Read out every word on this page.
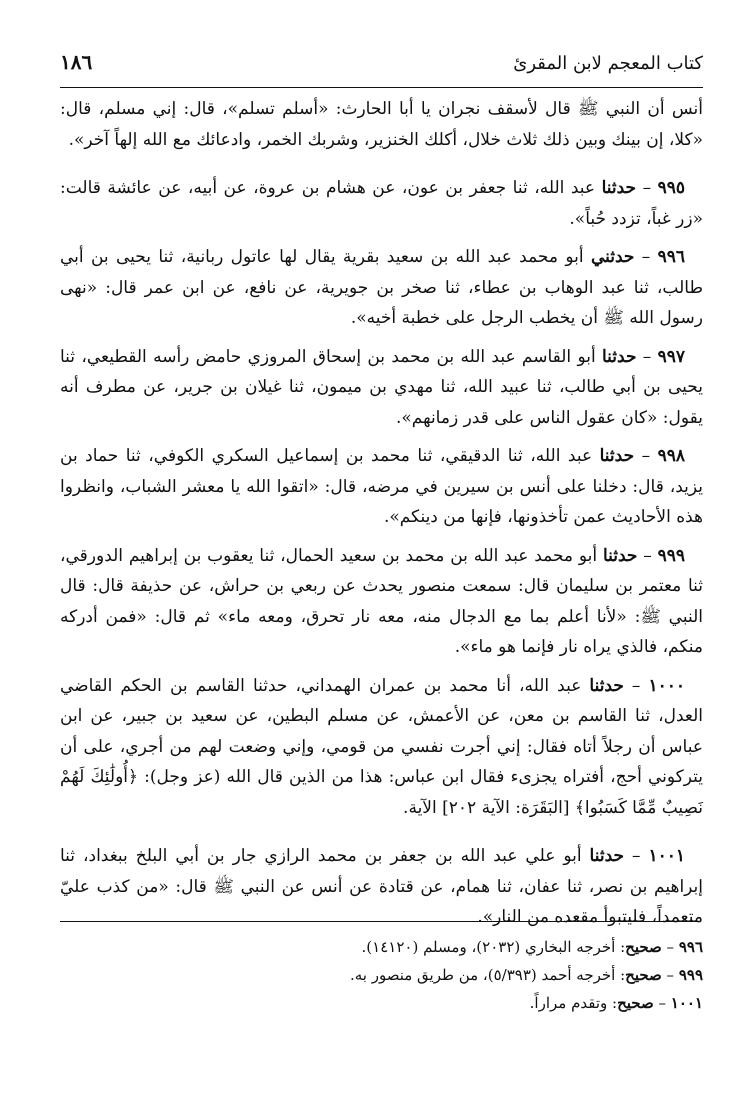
كتاب المعجم لابن المقرئ
١٨٦

أنس أن النبي ﷺ قال لأسقف نجران يا أبا الحارث: «أسلم تسلم»، قال: إني مسلم، قال: «كلا، إن بينك وبين ذلك ثلاث خلال، أكلك الخنزير، وشربك الخمر، وادعائك مع الله إلهاً آخر».

٩٩٥ – حدثنا عبد الله، ثنا جعفر بن عون، عن هشام بن عروة، عن أبيه، عن عائشة قالت: «زر غباً، تزدد حُباً».

٩٩٦ – حدثني أبو محمد عبد الله بن سعيد بقرية يقال لها عاتول ربانية، ثنا يحيى بن أبي طالب، ثنا عبد الوهاب بن عطاء، ثنا صخر بن جويرية، عن نافع، عن ابن عمر قال: «نهى رسول الله ﷺ أن يخطب الرجل على خطبة أخيه».

٩٩٧ – حدثنا أبو القاسم عبد الله بن محمد بن إسحاق المروزي حامض رأسه القطيعي، ثنا يحيى بن أبي طالب، ثنا عبيد الله، ثنا مهدي بن ميمون، ثنا غيلان بن جرير، عن مطرف أنه يقول: «كان عقول الناس على قدر زمانهم».

٩٩٨ – حدثنا عبد الله، ثنا الدقيقي، ثنا محمد بن إسماعيل السكري الكوفي، ثنا حماد بن يزيد، قال: دخلنا على أنس بن سيرين في مرضه، قال: «اتقوا الله يا معشر الشباب، وانظروا هذه الأحاديث عمن تأخذونها، فإنها من دينكم».

٩٩٩ – حدثنا أبو محمد عبد الله بن محمد بن سعيد الحمال، ثنا يعقوب بن إبراهيم الدورقي، ثنا معتمر بن سليمان قال: سمعت منصور يحدث عن ربعي بن حراش، عن حذيفة قال: قال النبي ﷺ: «لأنا أعلم بما مع الدجال منه، معه نار تحرق، ومعه ماء» ثم قال: «فمن أدركه منكم، فالذي يراه نار فإنما هو ماء».

١٠٠٠ – حدثنا عبد الله، أنا محمد بن عمران الهمداني، حدثنا القاسم بن الحكم القاضي العدل، ثنا القاسم بن معن، عن الأعمش، عن مسلم البطين، عن سعيد بن جبير، عن ابن عباس أن رجلاً أتاه فقال: إني أجرت نفسي من قومي، وإني وضعت لهم من أجري، على أن يتركوني أحج، أفتراه يجزىء فقال ابن عباس: هذا من الذين قال الله (عز وجل): ﴿أُولَٰئِكَ لَهُمْ نَصِيبٌ مِّمَّا كَسَبُوا﴾ [البَقَرَة: الآية ٢٠٢] الآية.

١٠٠١ – حدثنا أبو علي عبد الله بن جعفر بن محمد الرازي جار بن أبي البلخ ببغداد، ثنا إبراهيم بن نصر، ثنا عفان، ثنا همام، عن قتادة عن أنس عن النبي ﷺ قال: «من كذب عليّ متعمداً، فليتبوأ مقعده من النار».

٩٩٦ – صحيح: أخرجه البخاري (٢٠٣٢)، ومسلم (١٤١٢٠).

٩٩٩ – صحيح: أخرجه أحمد (٥/٣٩٣)، من طريق منصور به.

١٠٠١ – صحيح: وتقدم مراراً.
